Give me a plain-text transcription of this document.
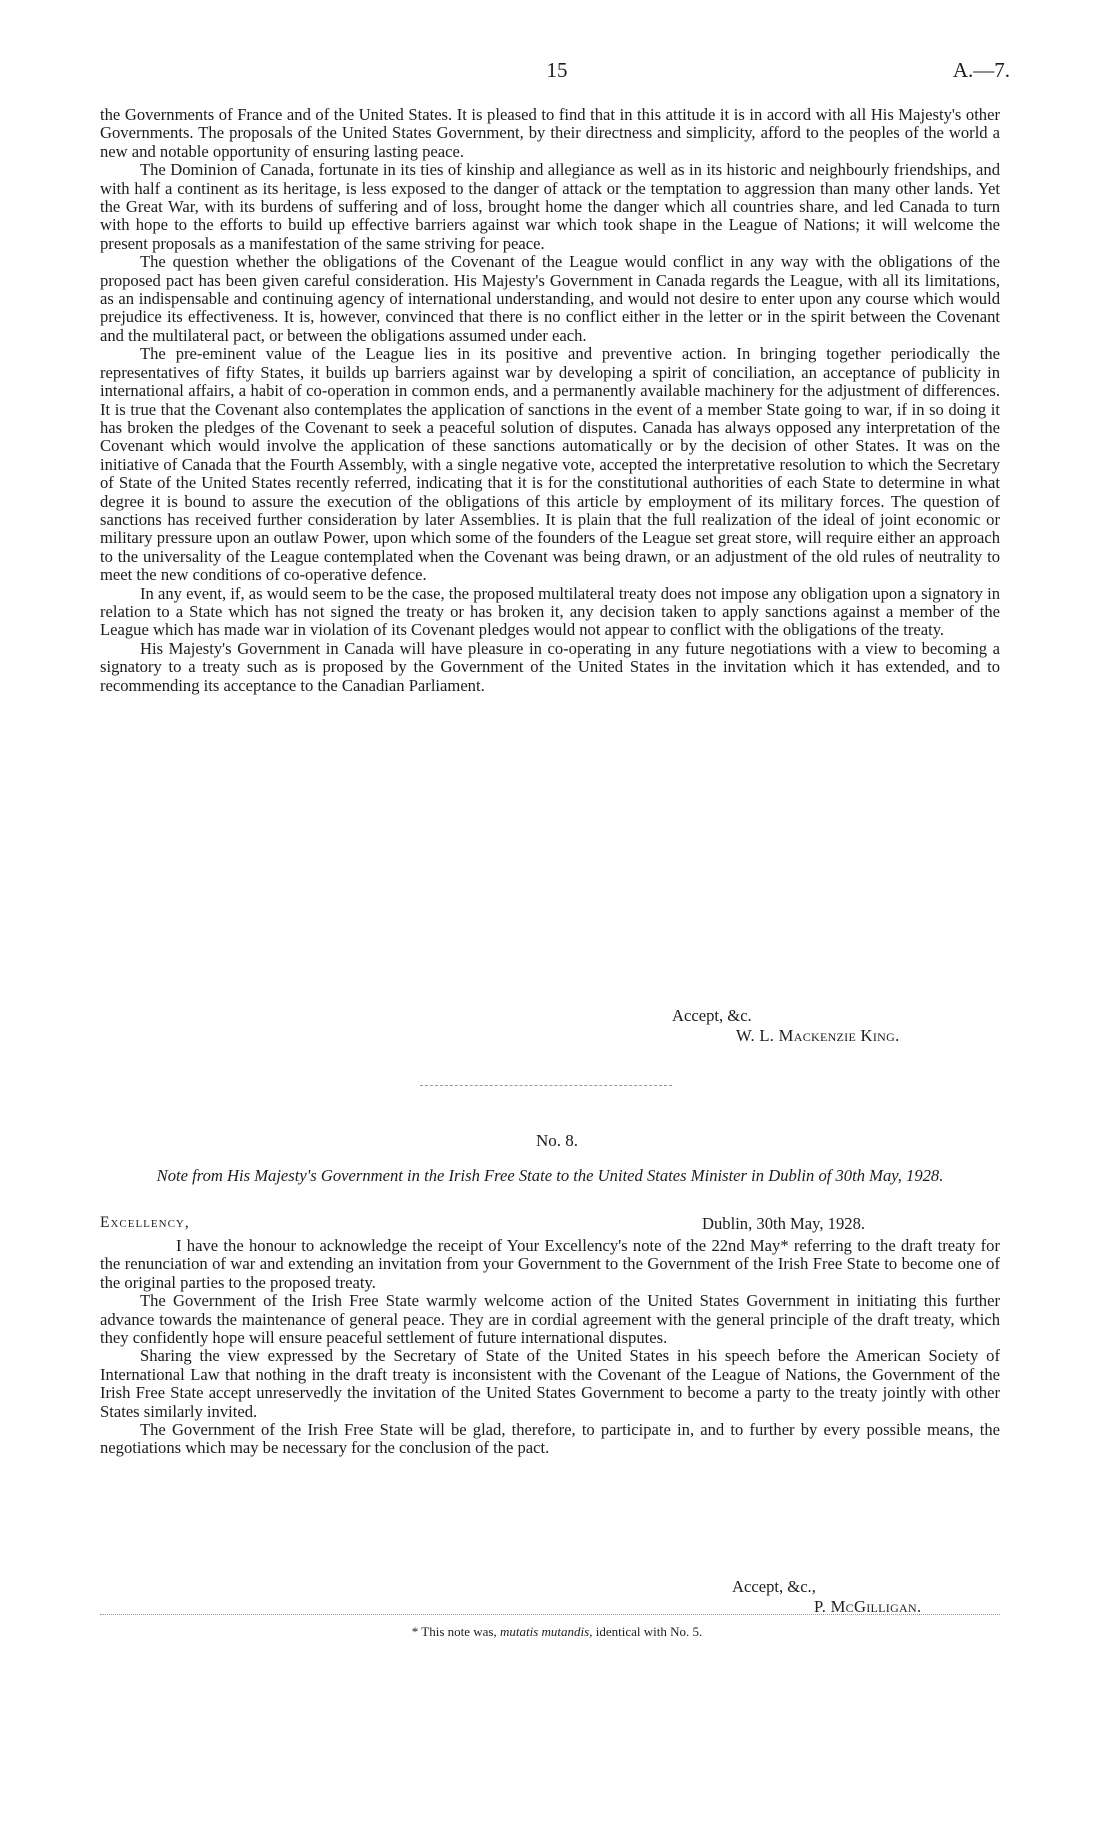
15	A.—7.

the Governments of France and of the United States. It is pleased to find that in this attitude it is in accord with all His Majesty's other Governments. The proposals of the United States Government, by their directness and simplicity, afford to the peoples of the world a new and notable opportunity of ensuring lasting peace.

The Dominion of Canada, fortunate in its ties of kinship and allegiance as well as in its historic and neighbourly friendships, and with half a continent as its heritage, is less exposed to the danger of attack or the temptation to aggression than many other lands. Yet the Great War, with its burdens of suffering and of loss, brought home the danger which all countries share, and led Canada to turn with hope to the efforts to build up effective barriers against war which took shape in the League of Nations; it will welcome the present proposals as a manifestation of the same striving for peace.

The question whether the obligations of the Covenant of the League would conflict in any way with the obligations of the proposed pact has been given careful consideration. His Majesty's Government in Canada regards the League, with all its limitations, as an indispensable and continuing agency of international understanding, and would not desire to enter upon any course which would prejudice its effectiveness. It is, however, convinced that there is no conflict either in the letter or in the spirit between the Covenant and the multilateral pact, or between the obligations assumed under each.

The pre-eminent value of the League lies in its positive and preventive action. In bringing together periodically the representatives of fifty States, it builds up barriers against war by developing a spirit of conciliation, an acceptance of publicity in international affairs, a habit of co-operation in common ends, and a permanently available machinery for the adjustment of differences. It is true that the Covenant also contemplates the application of sanctions in the event of a member State going to war, if in so doing it has broken the pledges of the Covenant to seek a peaceful solution of disputes. Canada has always opposed any interpretation of the Covenant which would involve the application of these sanctions automatically or by the decision of other States. It was on the initiative of Canada that the Fourth Assembly, with a single negative vote, accepted the interpretative resolution to which the Secretary of State of the United States recently referred, indicating that it is for the constitutional authorities of each State to determine in what degree it is bound to assure the execution of the obligations of this article by employment of its military forces. The question of sanctions has received further consideration by later Assemblies. It is plain that the full realization of the ideal of joint economic or military pressure upon an outlaw Power, upon which some of the founders of the League set great store, will require either an approach to the universality of the League contemplated when the Covenant was being drawn, or an adjustment of the old rules of neutrality to meet the new conditions of co-operative defence.

In any event, if, as would seem to be the case, the proposed multilateral treaty does not impose any obligation upon a signatory in relation to a State which has not signed the treaty or has broken it, any decision taken to apply sanctions against a member of the League which has made war in violation of its Covenant pledges would not appear to conflict with the obligations of the treaty.

His Majesty's Government in Canada will have pleasure in co-operating in any future negotiations with a view to becoming a signatory to a treaty such as is proposed by the Government of the United States in the invitation which it has extended, and to recommending its acceptance to the Canadian Parliament.

Accept, &c.
W. L. Mackenzie King.
No. 8.
Note from His Majesty's Government in the Irish Free State to the United States Minister in Dublin of 30th May, 1928.
Excellency,	Dublin, 30th May, 1928.

I have the honour to acknowledge the receipt of Your Excellency's note of the 22nd May* referring to the draft treaty for the renunciation of war and extending an invitation from your Government to the Government of the Irish Free State to become one of the original parties to the proposed treaty.

The Government of the Irish Free State warmly welcome action of the United States Government in initiating this further advance towards the maintenance of general peace. They are in cordial agreement with the general principle of the draft treaty, which they confidently hope will ensure peaceful settlement of future international disputes.

Sharing the view expressed by the Secretary of State of the United States in his speech before the American Society of International Law that nothing in the draft treaty is inconsistent with the Covenant of the League of Nations, the Government of the Irish Free State accept unreservedly the invitation of the United States Government to become a party to the treaty jointly with other States similarly invited.

The Government of the Irish Free State will be glad, therefore, to participate in, and to further by every possible means, the negotiations which may be necessary for the conclusion of the pact.

Accept, &c.,
P. McGilligan.
* This note was, mutatis mutandis, identical with No. 5.
